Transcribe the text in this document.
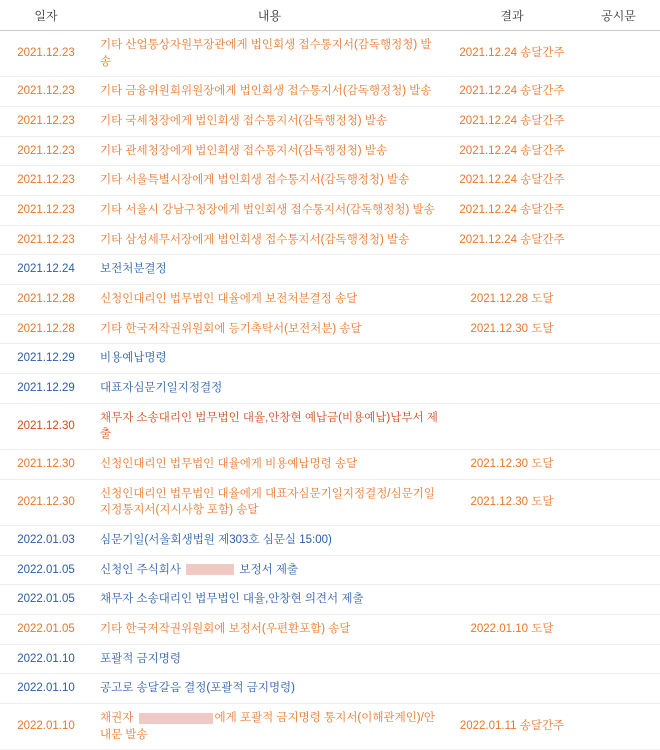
일자	내용	결과	공시문
2021.12.23	기타 산업통상자원부장관에게 법인회생 접수통지서(감독행정청) 발송	2021.12.24 송달간주	
2021.12.23	기타 금융위원회위원장에게 법인회생 접수통지서(감독행정청) 발송	2021.12.24 송달간주	
2021.12.23	기타 국세청장에게 법인회생 접수통지서(감독행정청) 발송	2021.12.24 송달간주	
2021.12.23	기타 관세청장에게 법인회생 접수통지서(감독행정청) 발송	2021.12.24 송달간주	
2021.12.23	기타 서울특별시장에게 법인회생 접수통지서(감독행정청) 발송	2021.12.24 송달간주	
2021.12.23	기타 서울시 강남구청장에게 법인회생 접수통지서(감독행정청) 발송	2021.12.24 송달간주	
2021.12.23	기타 삼성세무서장에게 법인회생 접수통지서(감독행정청) 발송	2021.12.24 송달간주	
2021.12.24	보전처분결정		
2021.12.28	신청인대리인 법무법인 대율에게 보전처분결정 송달	2021.12.28 도달	
2021.12.28	기타 한국저작권위원회에 등기촉탁서(보전처분) 송달	2021.12.30 도달	
2021.12.29	비용예납명령		
2021.12.29	대표자심문기일지정결정		
2021.12.30	채무자 소송대리인 법무법인 대율,안창현 예납금(비용예납)납부서 제출		
2021.12.30	신청인대리인 법무법인 대율에게 비용예납명령 송달	2021.12.30 도달	
2021.12.30	신청인대리인 법무법인 대율에게 대표자심문기일지정결정/심문기일지정통지서(지시사항 포함) 송달	2021.12.30 도달	
2022.01.03	심문기일(서울회생법원 제303호 심문실 15:00)		
2022.01.05	신청인 주식회사 보정서 제출		
2022.01.05	채무자 소송대리인 법무법인 대율,안창현 의견서 제출		
2022.01.05	기타 한국저작권위원회에 보정서(우편환포함) 송달	2022.01.10 도달	
2022.01.10	포괄적 금지명령		
2022.01.10	공고로 송달갈음 결정(포괄적 금지명령)		
2022.01.10	채권자 에게 포괄적 금지명령 통지서(이해관계인)/안내문 발송	2022.01.11 송달간주	
